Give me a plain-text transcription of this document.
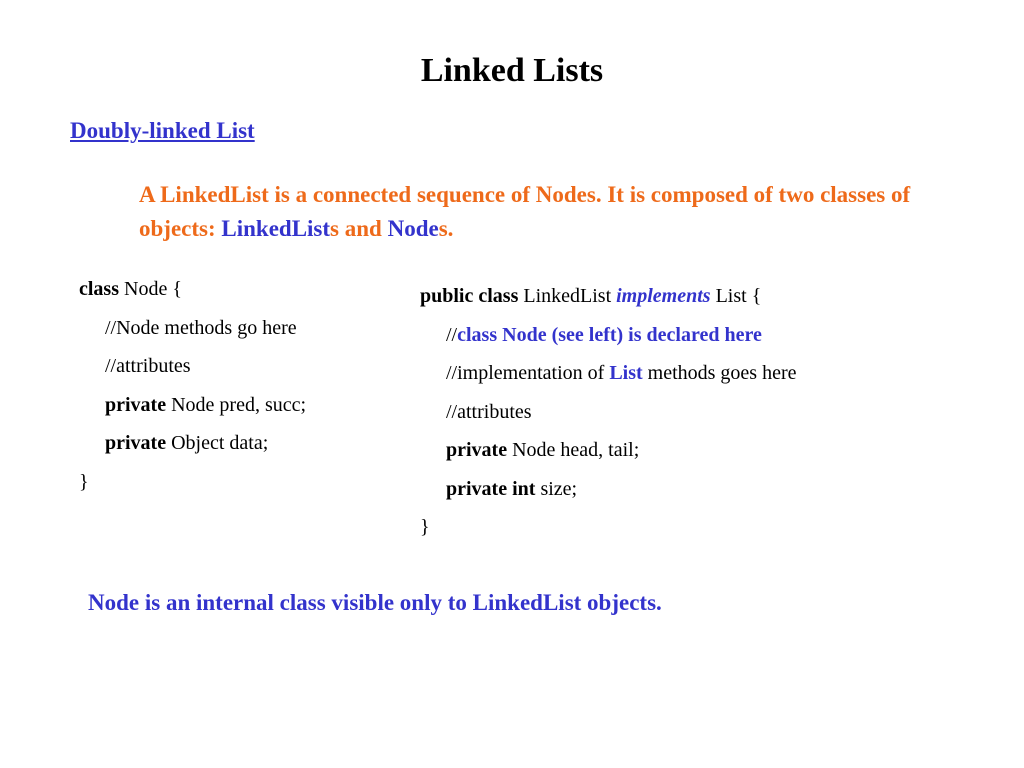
Linked Lists
Doubly-linked List
A LinkedList is a connected sequence of Nodes. It is composed of two classes of objects: LinkedLists and Nodes.
class Node {
//Node methods go here
//attributes
private Node pred, succ;
private Object data;
}
public class LinkedList implements List {
//class Node (see left) is declared here
//implementation of List methods goes here
//attributes
private Node head, tail;
private int size;
}
Node is an internal class visible only to LinkedList objects.
